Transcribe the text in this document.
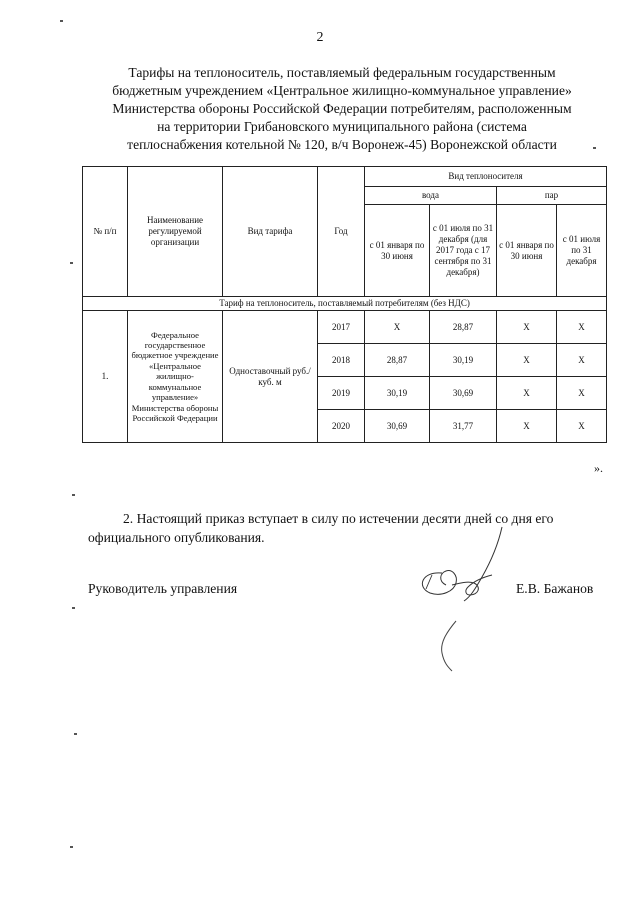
2
Тарифы на теплоноситель, поставляемый федеральным государственным
бюджетным учреждением «Центральное жилищно-коммунальное управление»
Министерства обороны Российской Федерации потребителям, расположенным
на территории Грибановского муниципального района (система
теплоснабжения котельной № 120, в/ч Воронеж-45) Воронежской области
№ п/п	Наименование регулируемой организации	Вид тарифа	Год	Вид теплоносителя			
				вода		пар	
				с 01 января по 30 июня	с 01 июля по 31 декабря (для 2017 года с 17 сентября по 31 декабря)	с 01 января по 30 июня	с 01 июля по 31 декабря
Тариф на теплоноситель, поставляемый потребителям (без НДС)							
1.	Федеральное государственное бюджетное учреждение «Центральное жилищно-коммунальное управление» Министерства обороны Российской Федерации	Одноставочный руб./куб. м	2017	Х	28,87	Х	Х
			2018	28,87	30,19	Х	Х
			2019	30,19	30,69	Х	Х
			2020	30,69	31,77	Х	Х
».

2. Настоящий приказ вступает в силу по истечении десяти дней со дня его официального опубликования.

Руководитель управления	Е.В. Бажанов
